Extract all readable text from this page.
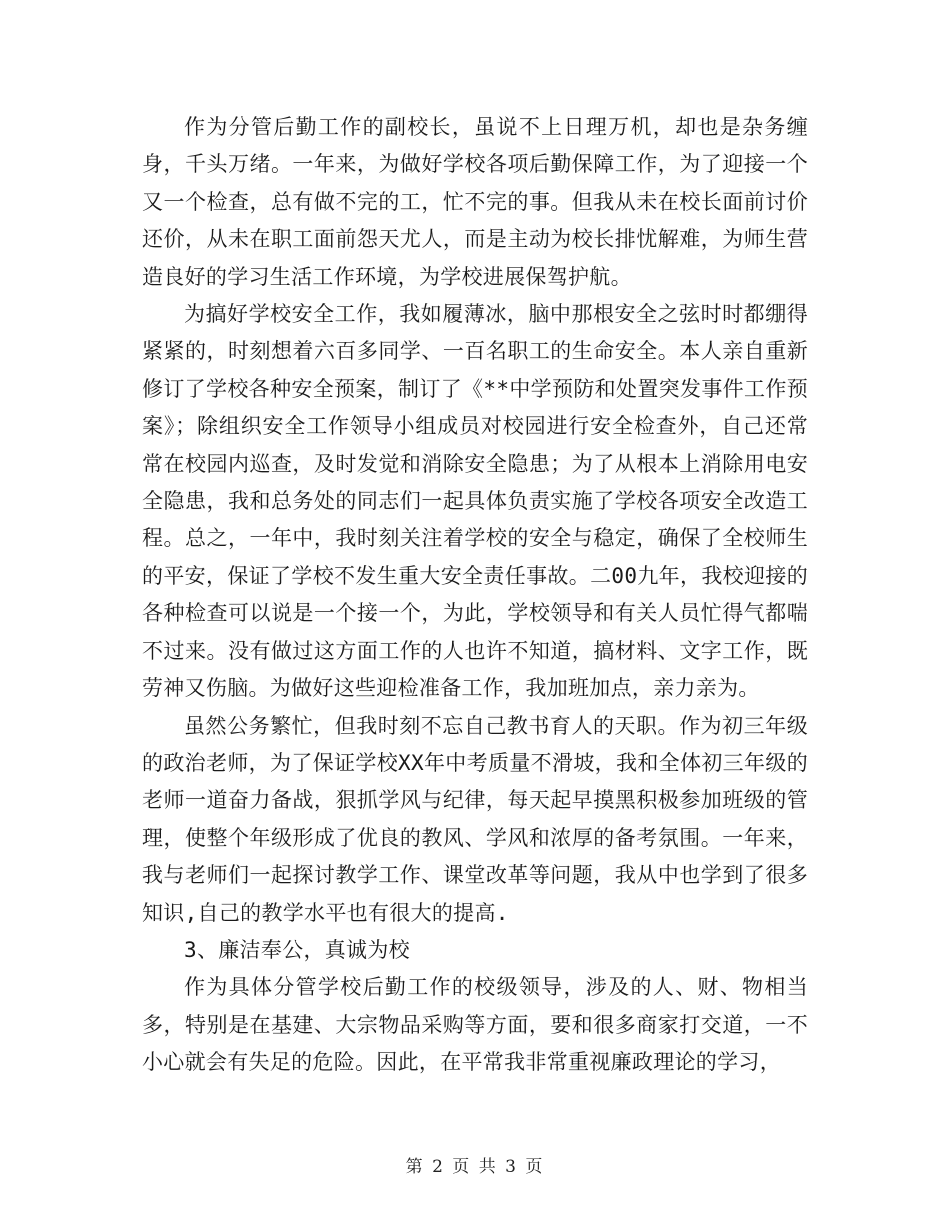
作为分管后勤工作的副校长，虽说不上日理万机，却也是杂务缠身，千头万绪。一年来，为做好学校各项后勤保障工作，为了迎接一个又一个检查，总有做不完的工，忙不完的事。但我从未在校长面前讨价还价，从未在职工面前怨天尤人，而是主动为校长排忧解难，为师生营造良好的学习生活工作环境，为学校进展保驾护航。

为搞好学校安全工作，我如履薄冰，脑中那根安全之弦时时都绷得紧紧的，时刻想着六百多同学、一百名职工的生命安全。本人亲自重新修订了学校各种安全预案，制订了《**中学预防和处置突发事件工作预案》；除组织安全工作领导小组成员对校园进行安全检查外，自己还常常在校园内巡查，及时发觉和消除安全隐患；为了从根本上消除用电安全隐患，我和总务处的同志们一起具体负责实施了学校各项安全改造工程。总之，一年中，我时刻关注着学校的安全与稳定，确保了全校师生的平安，保证了学校不发生重大安全责任事故。二00九年，我校迎接的各种检查可以说是一个接一个，为此，学校领导和有关人员忙得气都喘不过来。没有做过这方面工作的人也许不知道，搞材料、文字工作，既劳神又伤脑。为做好这些迎检准备工作，我加班加点，亲力亲为。

虽然公务繁忙，但我时刻不忘自己教书育人的天职。作为初三年级的政治老师，为了保证学校XX年中考质量不滑坡，我和全体初三年级的老师一道奋力备战，狠抓学风与纪律，每天起早摸黑积极参加班级的管理，使整个年级形成了优良的教风、学风和浓厚的备考氛围。一年来，我与老师们一起探讨教学工作、课堂改革等问题，我从中也学到了很多知识,自己的教学水平也有很大的提高.

3、廉洁奉公，真诚为校

作为具体分管学校后勤工作的校级领导，涉及的人、财、物相当多，特别是在基建、大宗物品采购等方面，要和很多商家打交道，一不小心就会有失足的危险。因此，在平常我非常重视廉政理论的学习，

第 2 页 共 3 页
